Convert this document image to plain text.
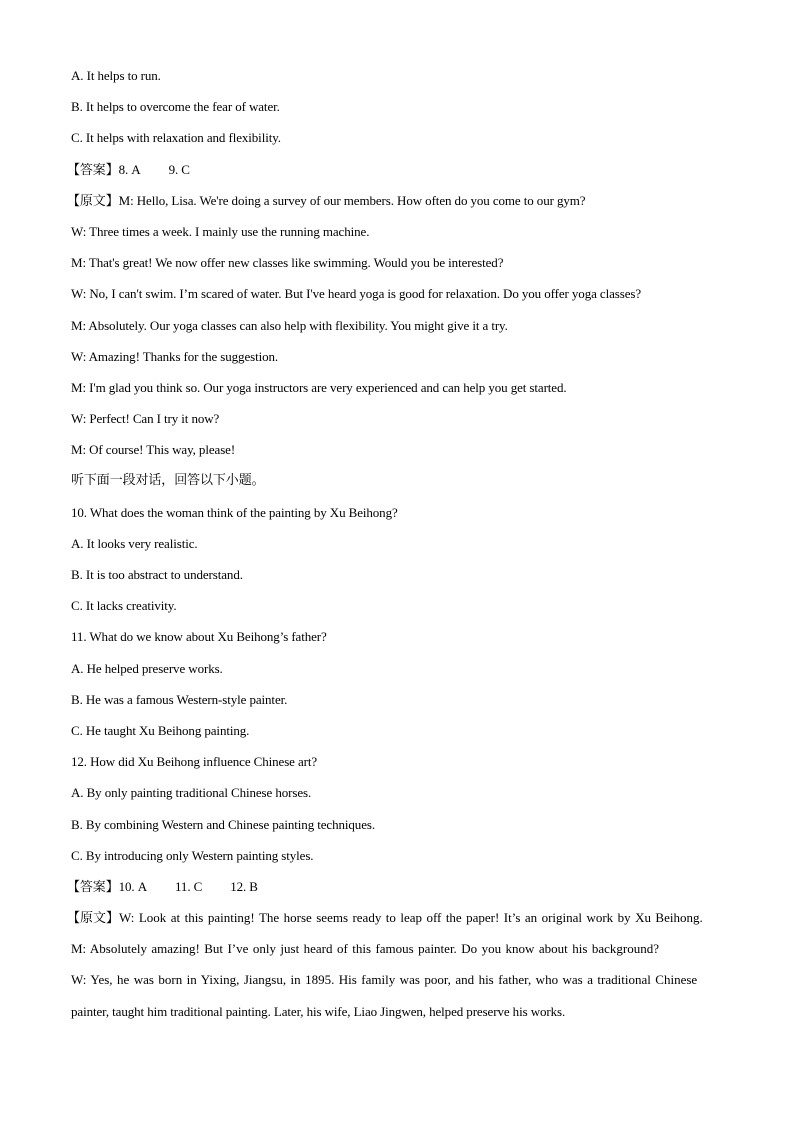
A. It helps to run.
B. It helps to overcome the fear of water.
C. It helps with relaxation and flexibility.
【答案】8. A 9. C
【原文】M: Hello, Lisa. We're doing a survey of our members. How often do you come to our gym?
W: Three times a week. I mainly use the running machine.
M: That's great! We now offer new classes like swimming. Would you be interested?
W: No, I can't swim. I’m scared of water. But I've heard yoga is good for relaxation. Do you offer yoga classes?
M: Absolutely. Our yoga classes can also help with flexibility. You might give it a try.
W: Amazing! Thanks for the suggestion.
M: I'm glad you think so. Our yoga instructors are very experienced and can help you get started.
W: Perfect! Can I try it now?
M: Of course! This way, please!
听下面一段对话，回答以下小题。
10. What does the woman think of the painting by Xu Beihong?
A. It looks very realistic.
B. It is too abstract to understand.
C. It lacks creativity.
11. What do we know about Xu Beihong’s father?
A. He helped preserve works.
B. He was a famous Western-style painter.
C. He taught Xu Beihong painting.
12. How did Xu Beihong influence Chinese art?
A. By only painting traditional Chinese horses.
B. By combining Western and Chinese painting techniques.
C. By introducing only Western painting styles.
【答案】10. A 11. C 12. B
【原文】W: Look at this painting! The horse seems ready to leap off the paper! It’s an original work by Xu Beihong.
M: Absolutely amazing! But I’ve only just heard of this famous painter. Do you know about his background?
W: Yes, he was born in Yixing, Jiangsu, in 1895. His family was poor, and his father, who was a traditional Chinese
painter, taught him traditional painting. Later, his wife, Liao Jingwen, helped preserve his works.
